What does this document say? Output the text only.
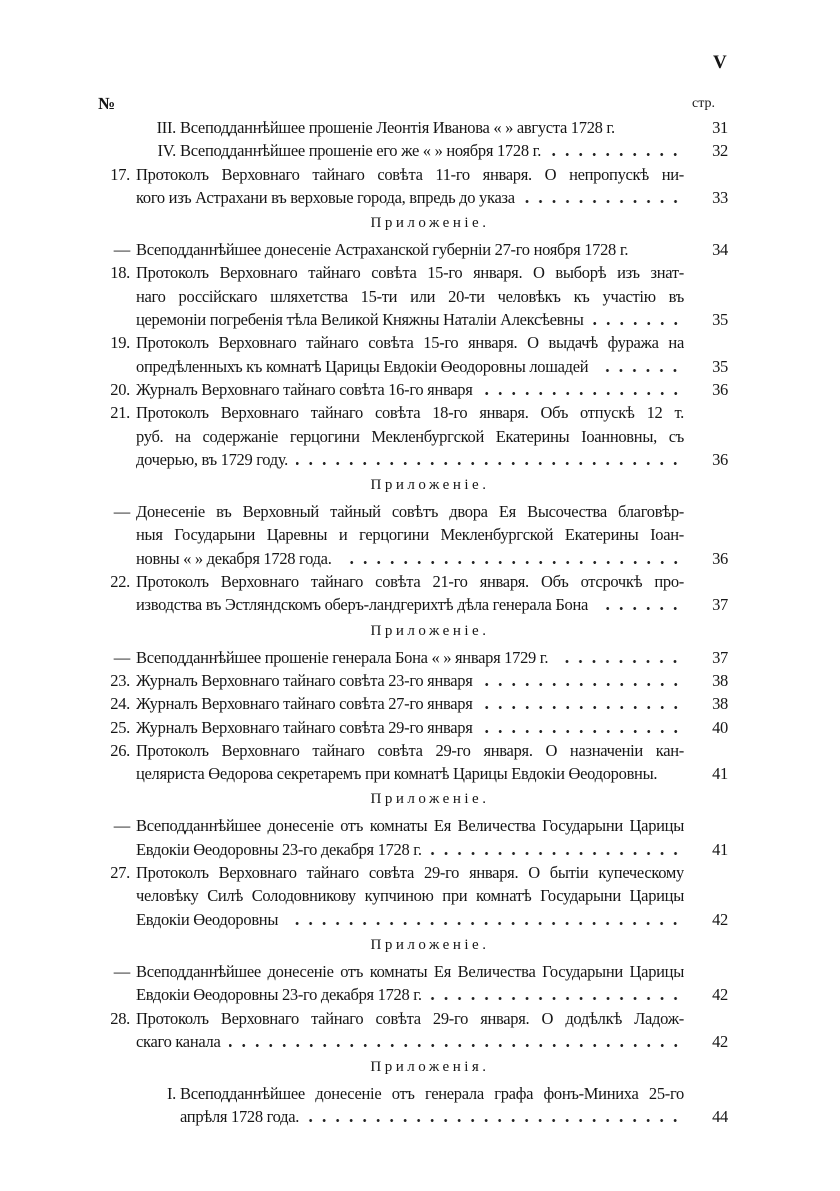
V
№	стр.
III. Всеподданнѣйшее прошеніе Леонтія Иванова « » августа 1728 г.	31
IV. Всеподданнѣйшее прошеніе его же « » ноября 1728 г.	32
17. Протоколъ Верховнаго тайнаго совѣта 11-го января. О непропускѣ ни-
кого изъ Астрахани въ верховые города, впредь до указа	33
Приложеніе.
— Всеподданнѣйшее донесеніе Астраханской губерніи 27-го ноября 1728 г.	34
18. Протоколъ Верховнаго тайнаго совѣта 15-го января. О выборѣ изъ знат-
наго россійскаго шляхетства 15-ти или 20-ти человѣкъ къ участію въ
церемоніи погребенія тѣла Великой Княжны Наталіи Алексѣевны	35
19. Протоколъ Верховнаго тайнаго совѣта 15-го января. О выдачѣ фуража на
опредѣленныхъ къ комнатѣ Царицы Евдокіи Өеодоровны лошадей	35
20. Журналъ Верховнаго тайнаго совѣта 16-го января	36
21. Протоколъ Верховнаго тайнаго совѣта 18-го января. Объ отпускѣ 12 т.
руб. на содержаніе герцогини Мекленбургской Екатерины Іоанновны, съ
дочерью, въ 1729 году.	36
Приложеніе.
— Донесеніе въ Верховный тайный совѣтъ двора Ея Высочества благовѣр-
ныя Государыни Царевны и герцогини Мекленбургской Екатерины Іоан-
новны « » декабря 1728 года.	36
22. Протоколъ Верховнаго тайнаго совѣта 21-го января. Объ отсрочкѣ про-
изводства въ Эстляндскомъ оберъ-ландгерихтѣ дѣла генерала Бона	37
Приложеніе.
— Всеподданнѣйшее прошеніе генерала Бона « » января 1729 г.	37
23. Журналъ Верховнаго тайнаго совѣта 23-го января	38
24. Журналъ Верховнаго тайнаго совѣта 27-го января	38
25. Журналъ Верховнаго тайнаго совѣта 29-го января	40
26. Протоколъ Верховнаго тайнаго совѣта 29-го января. О назначеніи кан-
целяриста Өедорова секретаремъ при комнатѣ Царицы Евдокіи Өеодоровны.	41
Приложеніе.
— Всеподданнѣйшее донесеніе отъ комнаты Ея Величества Государыни Царицы
Евдокіи Өеодоровны 23-го декабря 1728 г.	41
27. Протоколъ Верховнаго тайнаго совѣта 29-го января. О бытіи купеческому
человѣку Силѣ Солодовникову купчиною при комнатѣ Государыни Царицы
Евдокіи Өеодоровны	42
Приложеніе.
— Всеподданнѣйшее донесеніе отъ комнаты Ея Величества Государыни Царицы
Евдокіи Өеодоровны 23-го декабря 1728 г.	42
28. Протоколъ Верховнаго тайнаго совѣта 29-го января. О додѣлкѣ Ладож-
скаго канала	42
Приложенія.
I. Всеподданнѣйшее донесеніе отъ генерала графа фонъ-Миниха 25-го
апрѣля 1728 года.	44
